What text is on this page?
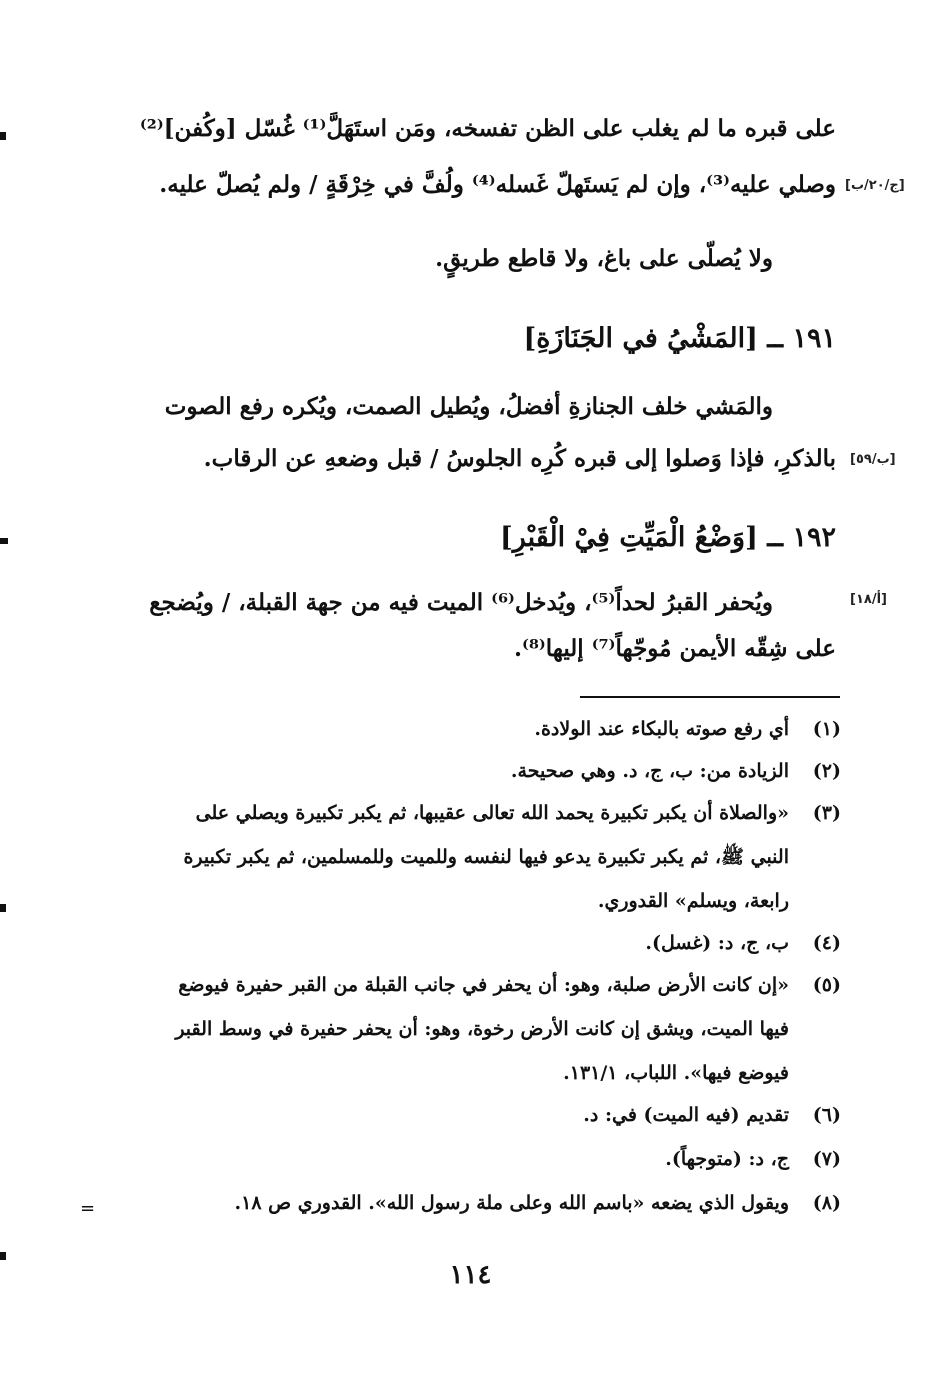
على قبره ما لم يغلب على الظن تفسخه، ومَن استَهَلَّ⁽¹⁾ غُسّل [وكُفن]⁽²⁾
وصلي عليه⁽³⁾، وإن لم يَستَهلّ غَسله⁽⁴⁾ ولُفَّ في خِرْقَةٍ / ولم يُصلّ عليه. [ج/٢٠/ب]
ولا يُصلّى على باغ، ولا قاطع طريقٍ.
١٩١ ــ [المَشْيُ في الجَنَازَةِ]
والمَشي خلف الجنازةِ أفضلُ، ويُطيل الصمت، ويُكره رفع الصوت
بالذكرِ، فإذا وَصلوا إلى قبره كُرِه الجلوسُ / قبل وضعهِ عن الرقاب. [ب/٥٩]
١٩٢ ــ [وَضْعُ الْمَيِّتِ فِيْ الْقَبْرِ]
ويُحفر القبرُ لحداً⁽⁵⁾، ويُدخل⁽⁶⁾ الميت فيه من جهة القبلة، / ويُضجع
على شِقّه الأيمن مُوجّهاً⁽⁷⁾ إليها⁽⁸⁾.
[أ/١٨]
(١)
أي رفع صوته بالبكاء عند الولادة.
(٢)
الزيادة من: ب، ج، د. وهي صحيحة.
(٣)
«والصلاة أن يكبر تكبيرة يحمد الله تعالى عقيبها، ثم يكبر تكبيرة ويصلي على
النبي ﷺ، ثم يكبر تكبيرة يدعو فيها لنفسه وللميت وللمسلمين، ثم يكبر تكبيرة
رابعة، ويسلم» القدوري.
(٤)
ب، ج، د: (غسل).
(٥)
«إن كانت الأرض صلبة، وهو: أن يحفر في جانب القبلة من القبر حفيرة فيوضع
فيها الميت، ويشق إن كانت الأرض رخوة، وهو: أن يحفر حفيرة في وسط القبر
فيوضع فيها». اللباب، ١٣١/١.
(٦)
تقديم (فيه الميت) في: د.
(٧)
ج، د: (متوجهاً).
(٨)
ويقول الذي يضعه «باسم الله وعلى ملة رسول الله». القدوري ص ١٨.
=
١١٤
